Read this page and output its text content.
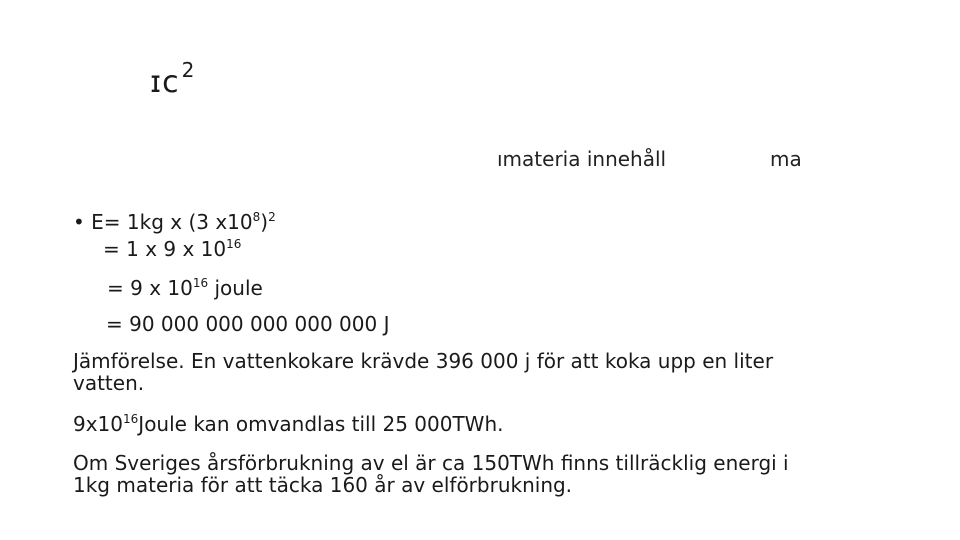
ɪc $^2$
ımateria innehåll	ma
• E= 1kg x (3 $x10^8)^2$
= 1 x 9 x $10^{16}$
= 9 x $10^{16}$ joule
= 90 000 000 000 000 000 J
Jämförelse. En vattenkokare krävde 396 000 j för att koka upp en liter
vatten.
$9x10^{16}Joule$ kan omvandlas till 25 000TWh.
Om Sveriges årsförbrukning av el är ca 150TWh finns tillräcklig energi i
1kg materia för att täcka 160 år av elförbrukning.
